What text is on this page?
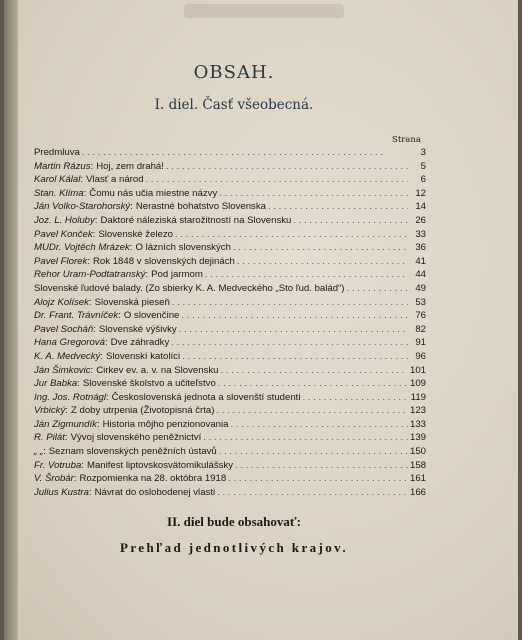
OBSAH.
I. diel. Časť všeobecná.
Strana
Predmluva . . .	3
Martin Rázus : Hoj, zem drahá! . . .	5
Karol Kálal : Vlasť a národ . . .	6
Stan. Klíma : Čomu nás učia miestne názvy . . .	12
Ján Volko-Starohorský : Nerastné bohatstvo Slovenska . . .	14
Joz. L. Holuby : Daktoré náleziská starožitností na Slovensku . . .	26
Pavel Konček : Slovenské železo . . .	33
MUDr. Vojtěch Mrázek : O lázních slovenských . . .	36
Pavel Florek : Rok 1848 v slovenských dejinách . . .	41
Rehor Uram-Podtatranský : Pod jarmom . . .	44
Slovenské ľudové balady. (Zo sbierky K. A. Medveckého „Sto ľud. balád“) . . .	49
Alojz Kolísek : Slovenská pieseň . . .	53
Dr. Frant. Trávníček : O slovenčine . . .	76
Pavel Socháň : Slovenské výšivky . . .	82
Hana Gregorová : Dve záhradky . . .	91
K. A. Medvecký : Slovenskí katolíci . . .	96
Ján Šimkovic : Cirkev ev. a. v. na Slovensku . . .	101
Jur Babka : Slovenské školstvo a učiteľstvo . . .	109
Ing. Jos. Rotnágl : Československá jednota a slovenští studenti . . .	119
Vrbický : Z doby utrpenia (Životopisná črta) . . .	123
Ján Zigmundík : Historia môjho penzionovania . . .	133
R. Pilát : Vývoj slovenského peněžnictví . . .	139
„ „ : Seznam slovenských peněžních ústavů . . .	150
Fr. Votruba : Manifest liptovskosvätomikulášsky . . .	158
V. Šrobár : Rozpomienka na 28. októbra 1918 . . .	161
Julius Kustra : Návrat do oslobodenej vlasti . . .	166
II. diel bude obsahovať:
Prehľad jednotlivých krajov.
